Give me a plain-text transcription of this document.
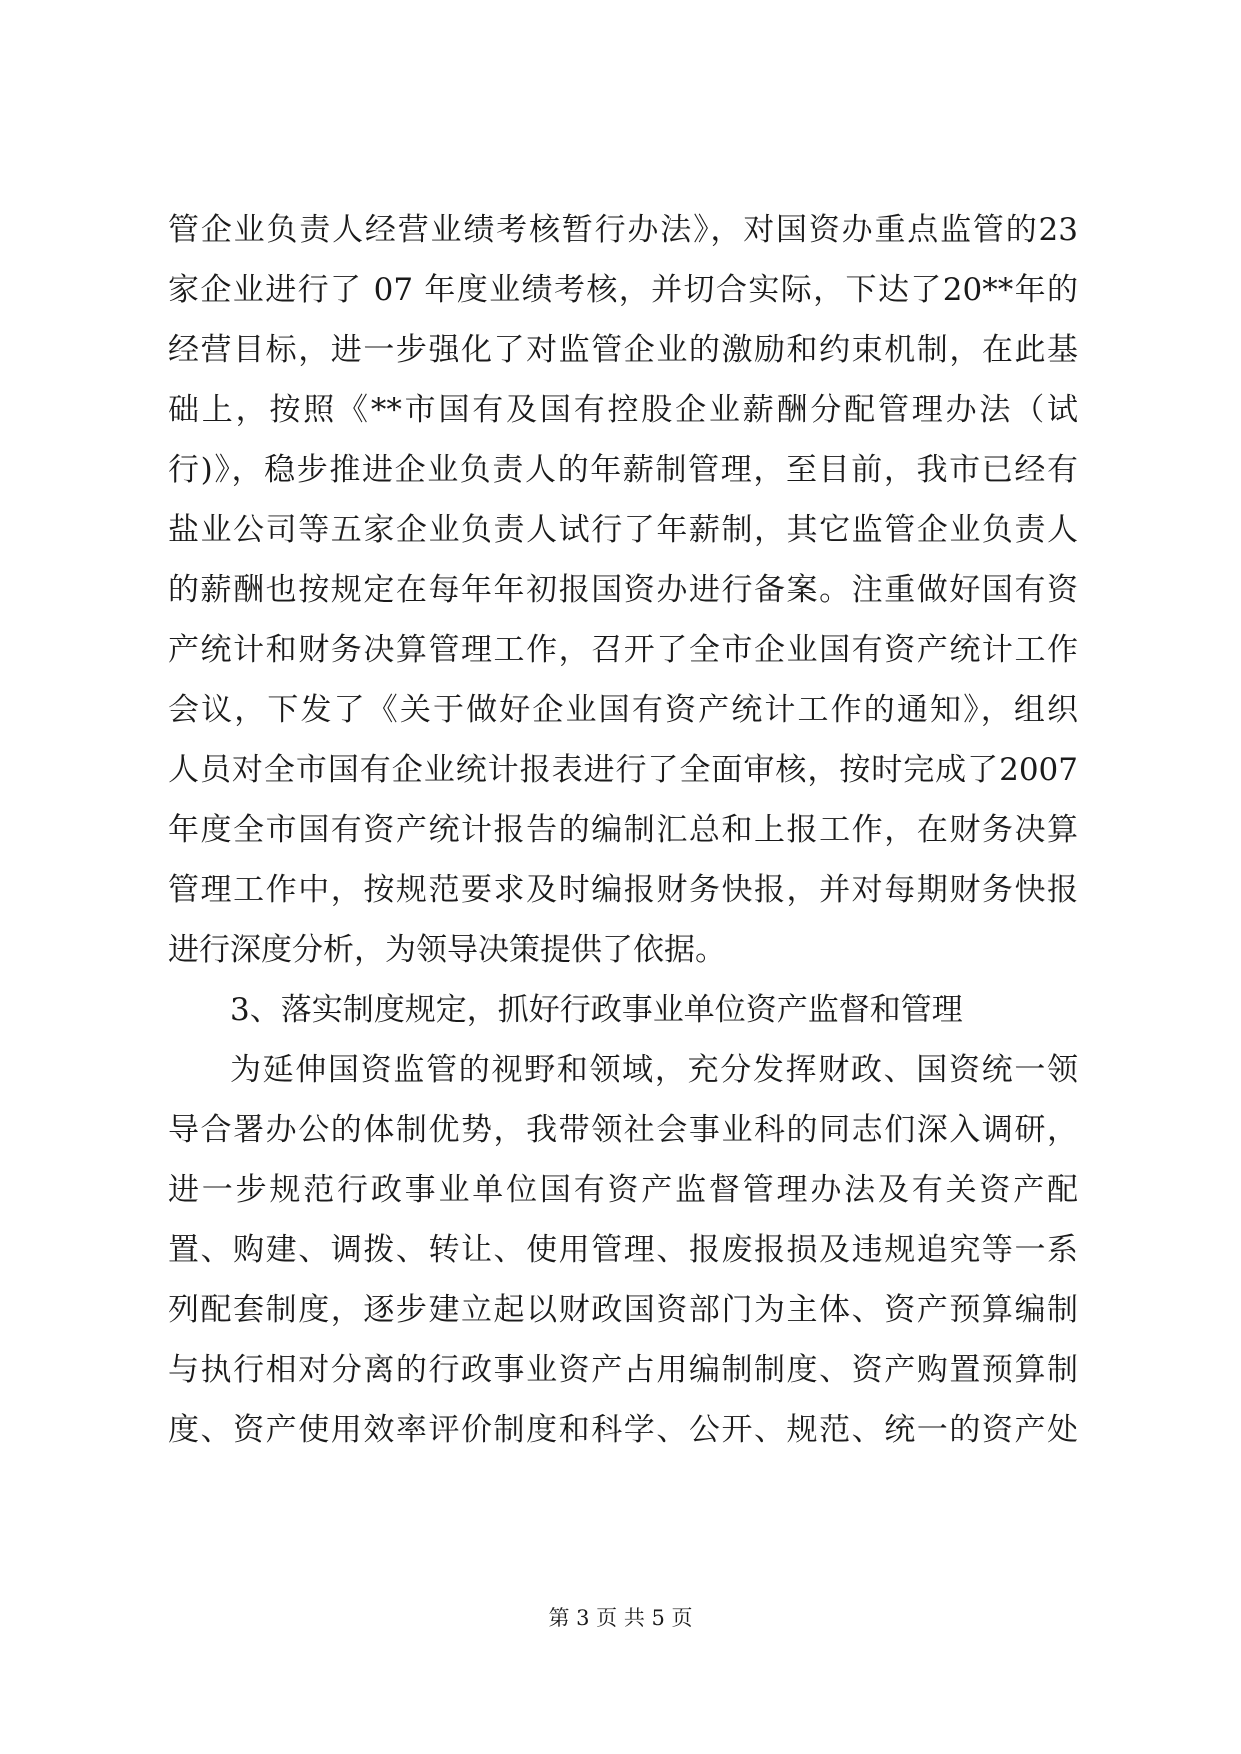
管企业负责人经营业绩考核暂行办法》，对国资办重点监管的23
家企业进行了 07 年度业绩考核，并切合实际，下达了20**年的
经营目标，进一步强化了对监管企业的激励和约束机制，在此基
础上，按照《**市国有及国有控股企业薪酬分配管理办法（试
行)》，稳步推进企业负责人的年薪制管理，至目前，我市已经有
盐业公司等五家企业负责人试行了年薪制，其它监管企业负责人
的薪酬也按规定在每年年初报国资办进行备案。注重做好国有资
产统计和财务决算管理工作，召开了全市企业国有资产统计工作
会议，下发了《关于做好企业国有资产统计工作的通知》，组织
人员对全市国有企业统计报表进行了全面审核，按时完成了2007
年度全市国有资产统计报告的编制汇总和上报工作，在财务决算
管理工作中，按规范要求及时编报财务快报，并对每期财务快报
进行深度分析，为领导决策提供了依据。
3、落实制度规定，抓好行政事业单位资产监督和管理
为延伸国资监管的视野和领域，充分发挥财政、国资统一领
导合署办公的体制优势，我带领社会事业科的同志们深入调研，
进一步规范行政事业单位国有资产监督管理办法及有关资产配
置、购建、调拨、转让、使用管理、报废报损及违规追究等一系
列配套制度，逐步建立起以财政国资部门为主体、资产预算编制
与执行相对分离的行政事业资产占用编制制度、资产购置预算制
度、资产使用效率评价制度和科学、公开、规范、统一的资产处
第 3 页 共 5 页
